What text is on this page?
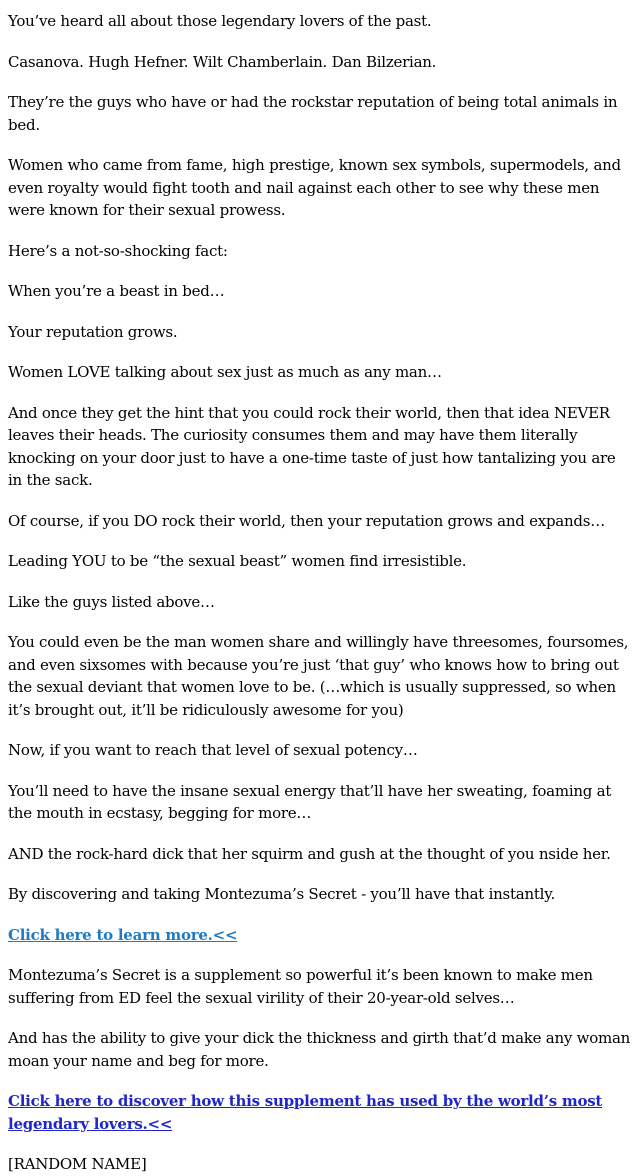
You’ve heard all about those legendary lovers of the past.

Casanova. Hugh Hefner. Wilt Chamberlain. Dan Bilzerian.

They’re the guys who have or had the rockstar reputation of being total animals in bed.

Women who came from fame, high prestige, known sex symbols, supermodels, and even royalty would fight tooth and nail against each other to see why these men were known for their sexual prowess.

Here’s a not-so-shocking fact:

When you’re a beast in bed…

Your reputation grows.

Women LOVE talking about sex just as much as any man…

And once they get the hint that you could rock their world, then that idea NEVER leaves their heads. The curiosity consumes them and may have them literally knocking on your door just to have a one-time taste of just how tantalizing you are in the sack.

Of course, if you DO rock their world, then your reputation grows and expands…

Leading YOU to be “the sexual beast” women find irresistible.

Like the guys listed above…

You could even be the man women share and willingly have threesomes, foursomes, and even sixsomes with because you’re just ‘that guy’ who knows how to bring out the sexual deviant that women love to be. (…which is usually suppressed, so when it’s brought out, it’ll be ridiculously awesome for you)

Now, if you want to reach that level of sexual potency…

You’ll need to have the insane sexual energy that’ll have her sweating, foaming at the mouth in ecstasy, begging for more…

AND the rock-hard dick that her squirm and gush at the thought of you nside her.

By discovering and taking Montezuma’s Secret - you’ll have that instantly.

Click here to learn more.<<

Montezuma’s Secret is a supplement so powerful it’s been known to make men suffering from ED feel the sexual virility of their 20-year-old selves…

And has the ability to give your dick the thickness and girth that’d make any woman moan your name and beg for more.

Click here to discover how this supplement has used by the world’s most legendary lovers.<<

[RANDOM NAME]
